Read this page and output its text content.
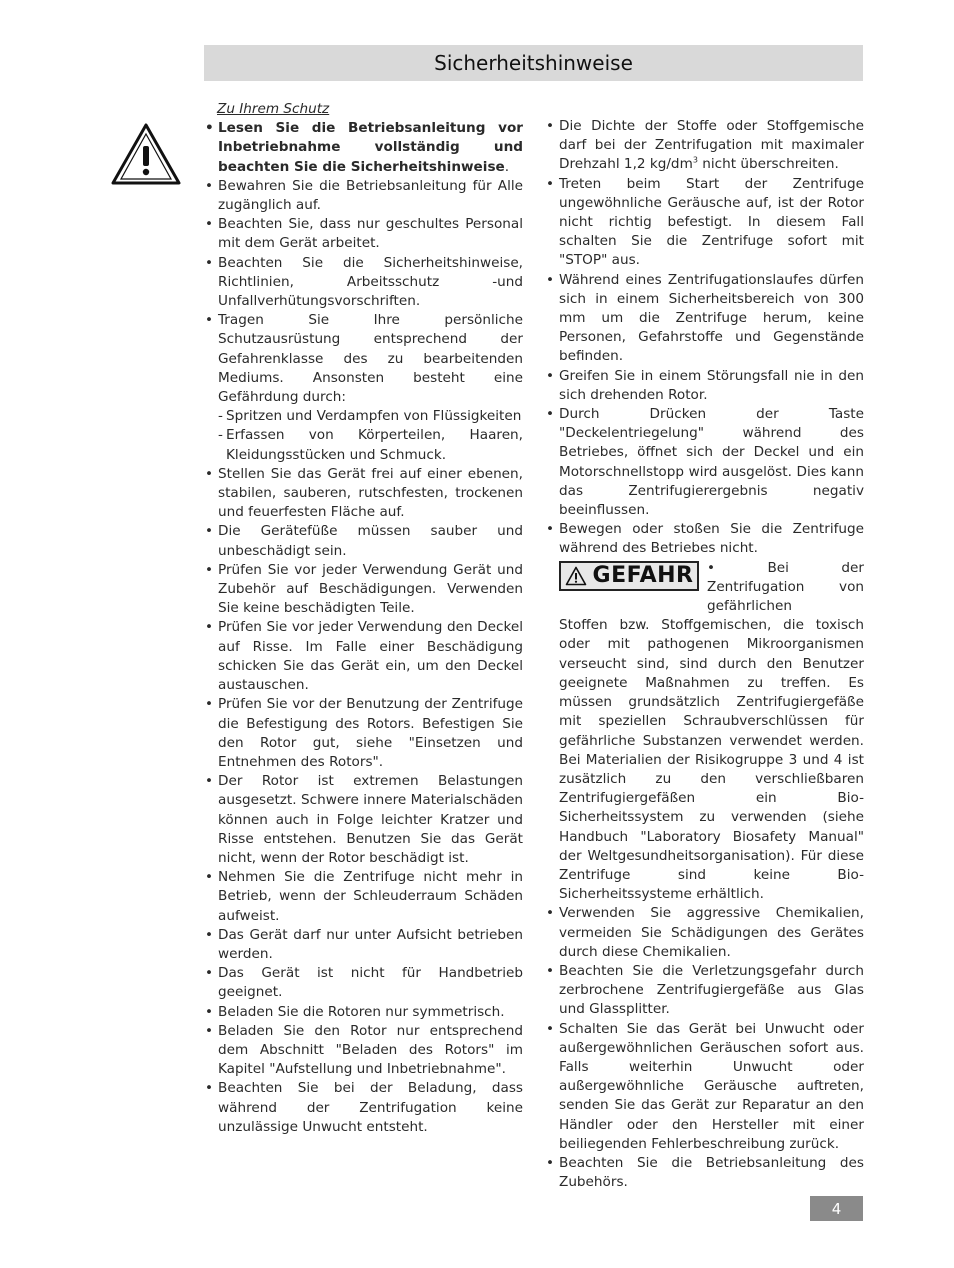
Sicherheitshinweise
Zu Ihrem Schutz
• Lesen Sie die Betriebsanleitung vor Inbetriebnahme vollständig und beachten Sie die Sicherheitshinweise.
• Bewahren Sie die Betriebsanleitung für Alle zugänglich auf.
• Beachten Sie, dass nur geschultes Personal mit dem Gerät arbeitet.
• Beachten Sie die Sicherheitshinweise, Richtlinien, Arbeitsschutz -und Unfallverhütungsvorschriften.
• Tragen Sie Ihre persönliche Schutzausrüstung entsprechend der Gefahrenklasse des zu bearbeitenden Mediums. Ansonsten besteht eine Gefährdung durch:
- Spritzen und Verdampfen von Flüssigkeiten
- Erfassen von Körperteilen, Haaren, Kleidungsstücken und Schmuck.
• Stellen Sie das Gerät frei auf einer ebenen, stabilen, sauberen, rutschfesten, trockenen und feuerfesten Fläche auf.
• Die Gerätefüße müssen sauber und unbeschädigt sein.
• Prüfen Sie vor jeder Verwendung Gerät und Zubehör auf Beschädigungen. Verwenden Sie keine beschädigten Teile.
• Prüfen Sie vor jeder Verwendung den Deckel auf Risse. Im Falle einer Beschädigung schicken Sie das Gerät ein, um den Deckel austauschen.
• Prüfen Sie vor der Benutzung der Zentrifuge die Befestigung des Rotors. Befestigen Sie den Rotor gut, siehe "Einsetzen und Entnehmen des Rotors".
• Der Rotor ist extremen Belastungen ausgesetzt. Schwere innere Materialschäden können auch in Folge leichter Kratzer und Risse entstehen. Benutzen Sie das Gerät nicht, wenn der Rotor beschädigt ist.
• Nehmen Sie die Zentrifuge nicht mehr in Betrieb, wenn der Schleuderraum Schäden aufweist.
• Das Gerät darf nur unter Aufsicht betrieben werden.
• Das Gerät ist nicht für Handbetrieb geeignet.
• Beladen Sie die Rotoren nur symmetrisch.
• Beladen Sie den Rotor nur entsprechend dem Abschnitt "Beladen des Rotors" im Kapitel "Aufstellung und Inbetriebnahme".
• Beachten Sie bei der Beladung, dass während der Zentrifugation keine unzulässige Unwucht entsteht.
• Die Dichte der Stoffe oder Stoffgemische darf bei der Zentrifugation mit maximaler Drehzahl 1,2 $kg/dm^3$ nicht überschreiten.
• Treten beim Start der Zentrifuge ungewöhnliche Geräusche auf, ist der Rotor nicht richtig befestigt. In diesem Fall schalten Sie die Zentrifuge sofort mit "STOP" aus.
• Während eines Zentrifugationslaufes dürfen sich in einem Sicherheitsbereich von 300 mm um die Zentrifuge herum, keine Personen, Gefahrstoffe und Gegenstände befinden.
• Greifen Sie in einem Störungsfall nie in den sich drehenden Rotor.
• Durch Drücken der Taste "Deckelentriegelung" während des Betriebes, öffnet sich der Deckel und ein Motorschnellstopp wird ausgelöst. Dies kann das Zentrifugierergebnis negativ beeinflussen.
• Bewegen oder stoßen Sie die Zentrifuge während des Betriebes nicht.
GEFAHR • Bei der Zentrifugation von gefährlichen
Stoffen bzw. Stoffgemischen, die toxisch oder mit pathogenen Mikroorganismen verseucht sind, sind durch den Benutzer geeignete Maßnahmen zu treffen. Es müssen grundsätzlich Zentrifugiergefäße mit speziellen Schraubverschlüssen für gefährliche Substanzen verwendet werden. Bei Materialien der Risikogruppe 3 und 4 ist zusätzlich zu den verschließbaren Zentrifugiergefäßen ein Bio-Sicherheitssystem zu verwenden (siehe Handbuch "Laboratory Biosafety Manual" der Weltgesundheitsorganisation). Für diese Zentrifuge sind keine Bio-Sicherheitssysteme erhältlich.
• Verwenden Sie aggressive Chemikalien, vermeiden Sie Schädigungen des Gerätes durch diese Chemikalien.
• Beachten Sie die Verletzungsgefahr durch zerbrochene Zentrifugiergefäße aus Glas und Glassplitter.
• Schalten Sie das Gerät bei Unwucht oder außergewöhnlichen Geräuschen sofort aus. Falls weiterhin Unwucht oder außergewöhnliche Geräusche auftreten, senden Sie das Gerät zur Reparatur an den Händler oder den Hersteller mit einer beiliegenden Fehlerbeschreibung zurück.
• Beachten Sie die Betriebsanleitung des Zubehörs.
4
